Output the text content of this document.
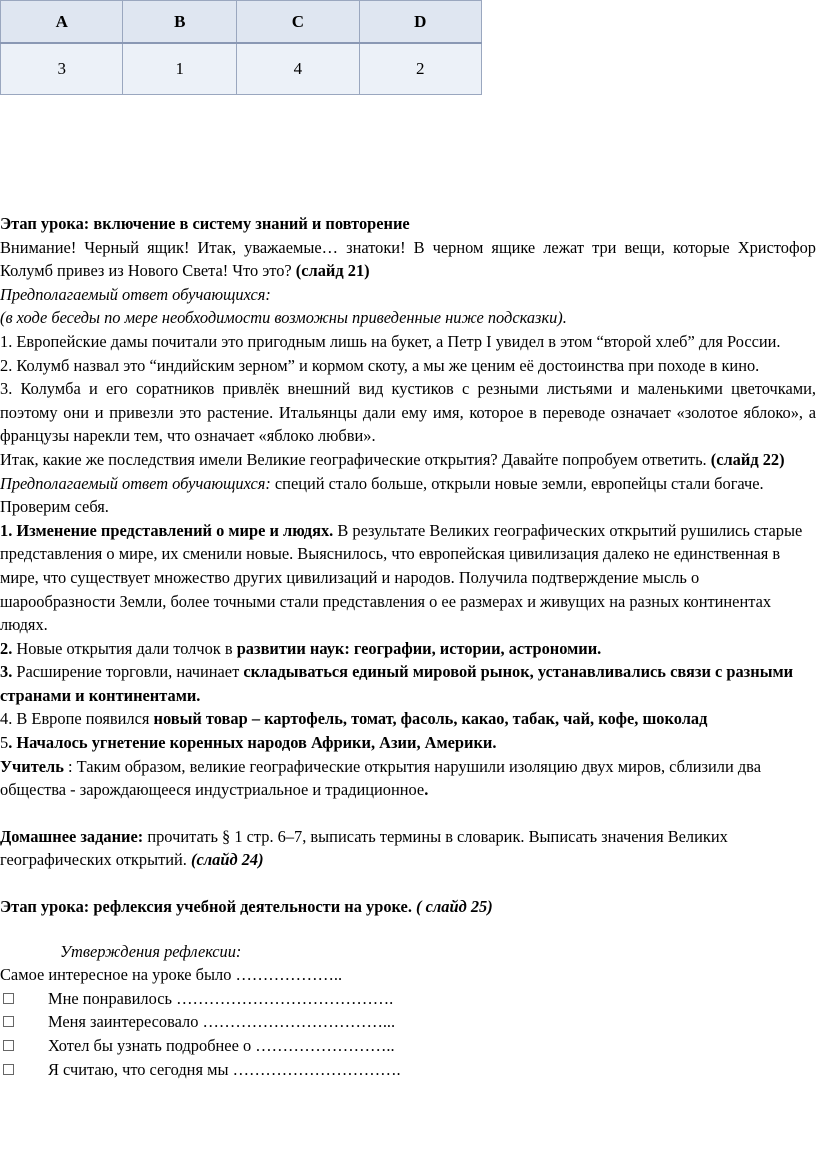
A	B	C	D
3	1	4	2

Этап урока: включение в систему знаний и повторение

Внимание! Черный ящик! Итак, уважаемые… знатоки! В черном ящике лежат три вещи, которые Христофор Колумб привез из Нового Света! Что это? (слайд 21)

Предполагаемый ответ обучающихся:

(в ходе беседы по мере необходимости возможны приведенные ниже подсказки).

1. Европейские дамы почитали это пригодным лишь на букет, а Петр I увидел в этом “второй хлеб” для России.

2. Колумб назвал это “индийским зерном” и кормом скоту, а мы же ценим её достоинства при походе в кино.

3. Колумба и его соратников привлёк внешний вид кустиков с резными листьями и маленькими цветочками, поэтому они и привезли это растение. Итальянцы дали ему имя, которое в переводе означает «золотое яблоко», а французы нарекли тем, что означает «яблоко любви».

Итак, какие же последствия имели Великие географические открытия? Давайте попробуем ответить. (слайд 22)

Предполагаемый ответ обучающихся: специй стало больше, открыли новые земли, европейцы стали богаче.

Проверим себя.

1. Изменение представлений о мире и людях. В результате Великих географических открытий рушились старые представления о мире, их сменили новые. Выяснилось, что европейская цивилизация далеко не единственная в мире, что существует множество других цивилизаций и народов. Получила подтверждение мысль о шарообразности Земли, более точными стали представления о ее размерах и живущих на разных континентах людях.

2. Новые открытия дали толчок в развитии наук: географии, истории, астрономии.

3. Расширение торговли, начинает складываться единый мировой рынок, устанавливались связи с разными странами и континентами.

4. В Европе появился новый товар – картофель, томат, фасоль, какао, табак, чай, кофе, шоколад

5. Началось угнетение коренных народов Африки, Азии, Америки.

Учитель : Таким образом, великие географические открытия нарушили изоляцию двух миров, сблизили два общества - зарождающееся индустриальное и традиционное.

Домашнее задание: прочитать § 1 стр. 6–7, выписать термины в словарик. Выписать значения Великих географических открытий. (слайд 24)

Этап урока: рефлексия учебной деятельности на уроке. ( слайд 25)

Утверждения рефлексии:

Самое интересное на уроке было ………………..

Мне понравилось ………………………………….

Меня заинтересовало ……………………………...

Хотел бы узнать подробнее о ……………………..

Я считаю, что сегодня мы ………………………….
